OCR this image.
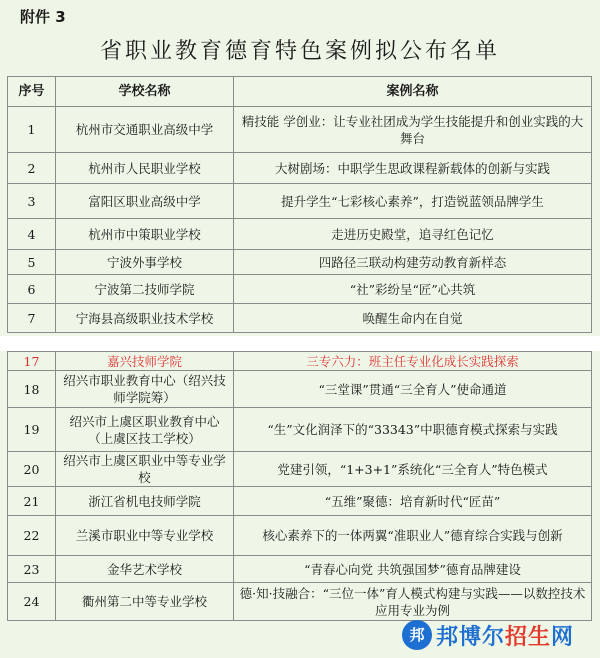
附件 3
省职业教育德育特色案例拟公布名单
序号	学校名称	案例名称
1	杭州市交通职业高级中学	精技能 学创业：让专业社团成为学生技能提升和创业实践的大舞台
2	杭州市人民职业学校	大树剧场：中职学生思政课程新载体的创新与实践
3	富阳区职业高级中学	提升学生“七彩核心素养”，打造锐蓝领品牌学生
4	杭州市中策职业学校	走进历史殿堂，追寻红色记忆
5	宁波外事学校	四路径三联动构建劳动教育新样态
6	宁波第二技师学院	“社”彩纷呈“匠”心共筑
7	宁海县高级职业技术学校	唤醒生命内在自觉
17	嘉兴技师学院	三专六力：班主任专业化成长实践探索
18	绍兴市职业教育中心（绍兴技师学院筹）	“三堂课”贯通“三全育人”使命通道
19	绍兴市上虞区职业教育中心（上虞区技工学校）	“生”文化润泽下的“33343”中职德育模式探索与实践
20	绍兴市上虞区职业中等专业学校	党建引领，“1+3+1”系统化“三全育人”特色模式
21	浙江省机电技师学院	“五维”聚德：培育新时代“匠苗”
22	兰溪市职业中等专业学校	核心素养下的一体两翼“准职业人”德育综合实践与创新
23	金华艺术学校	“青春心向党 共筑强国梦”德育品牌建设
24	衢州第二中等专业学校	德·知·技融合：“三位一体”育人模式构建与实践——以数控技术应用专业为例
邦 邦博尔招生网
